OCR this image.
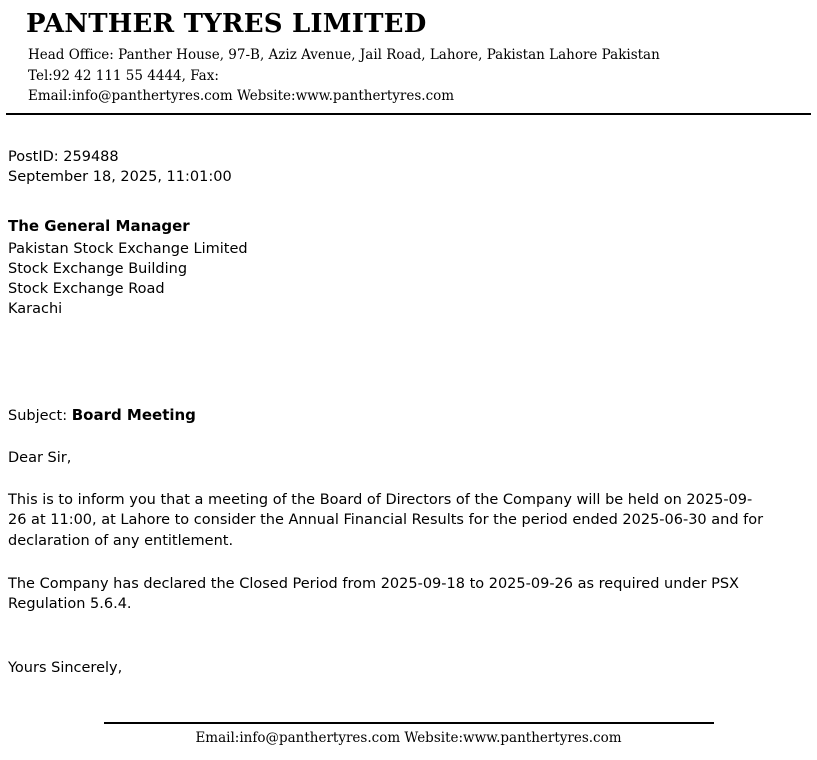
PANTHER TYRES LIMITED
Head Office: Panther House, 97-B, Aziz Avenue, Jail Road, Lahore, Pakistan Lahore Pakistan
Tel:92 42 111 55 4444, Fax:
Email:info@panthertyres.com Website:www.panthertyres.com
PostID: 259488
September 18, 2025, 11:01:00
The General Manager
Pakistan Stock Exchange Limited
Stock Exchange Building
Stock Exchange Road
Karachi
Subject: Board Meeting
Dear Sir,
This is to inform you that a meeting of the Board of Directors of the Company will be held on 2025-09-26 at 11:00, at Lahore to consider the Annual Financial Results for the period ended 2025-06-30 and for declaration of any entitlement.
The Company has declared the Closed Period from 2025-09-18 to 2025-09-26 as required under PSX Regulation 5.6.4.
Yours Sincerely,
Email:info@panthertyres.com Website:www.panthertyres.com
